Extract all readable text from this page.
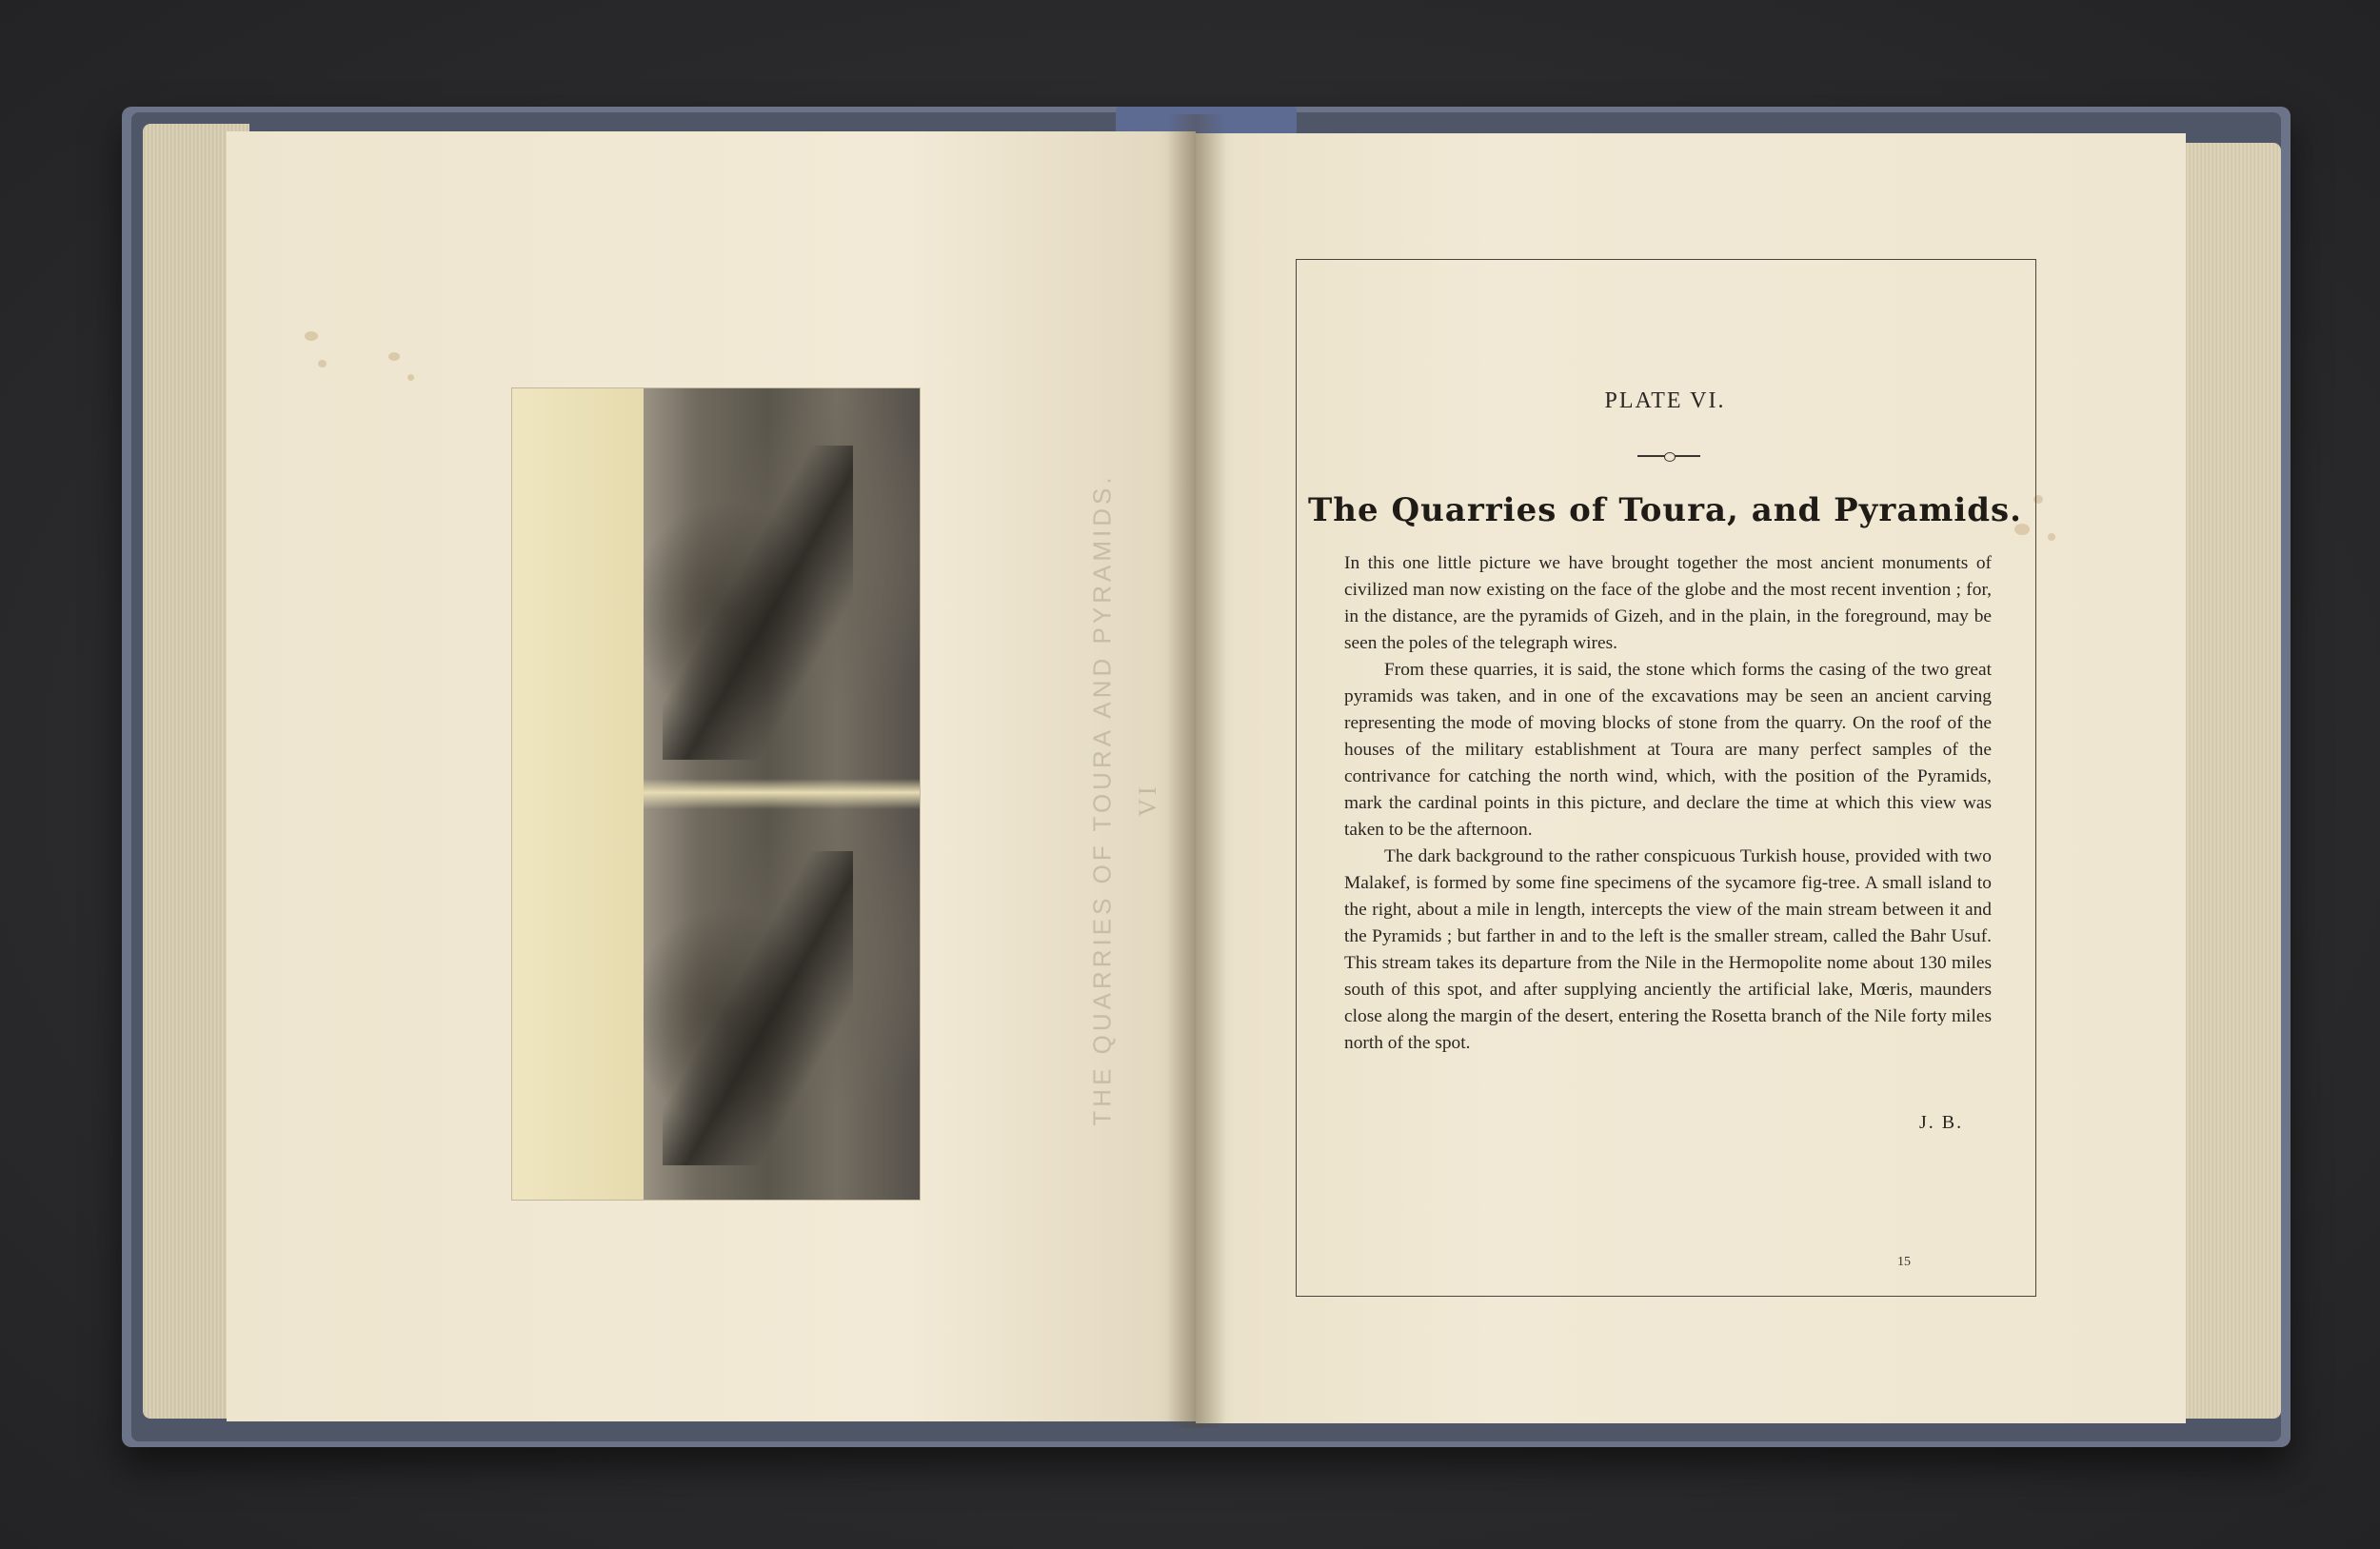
THE QUARRIES OF TOURA AND PYRAMIDS. VI
PLATE VI.
The Quarries of Toura, and Pyramids.

In this one little picture we have brought together the most ancient monuments of civilized man now existing on the face of the globe and the most recent invention ; for, in the distance, are the pyramids of Gizeh, and in the plain, in the foreground, may be seen the poles of the telegraph wires.

From these quarries, it is said, the stone which forms the casing of the two great pyramids was taken, and in one of the excavations may be seen an ancient carving representing the mode of moving blocks of stone from the quarry. On the roof of the houses of the military establishment at Toura are many perfect samples of the contrivance for catching the north wind, which, with the position of the Pyramids, mark the cardinal points in this picture, and declare the time at which this view was taken to be the afternoon.

The dark background to the rather conspicuous Turkish house, provided with two Malakef, is formed by some fine specimens of the sycamore fig-tree. A small island to the right, about a mile in length, intercepts the view of the main stream between it and the Pyramids ; but farther in and to the left is the smaller stream, called the Bahr Usuf. This stream takes its departure from the Nile in the Hermopolite nome about 130 miles south of this spot, and after supplying anciently the artificial lake, Mœris, maunders close along the margin of the desert, entering the Rosetta branch of the Nile forty miles north of the spot.

J. B.
15
